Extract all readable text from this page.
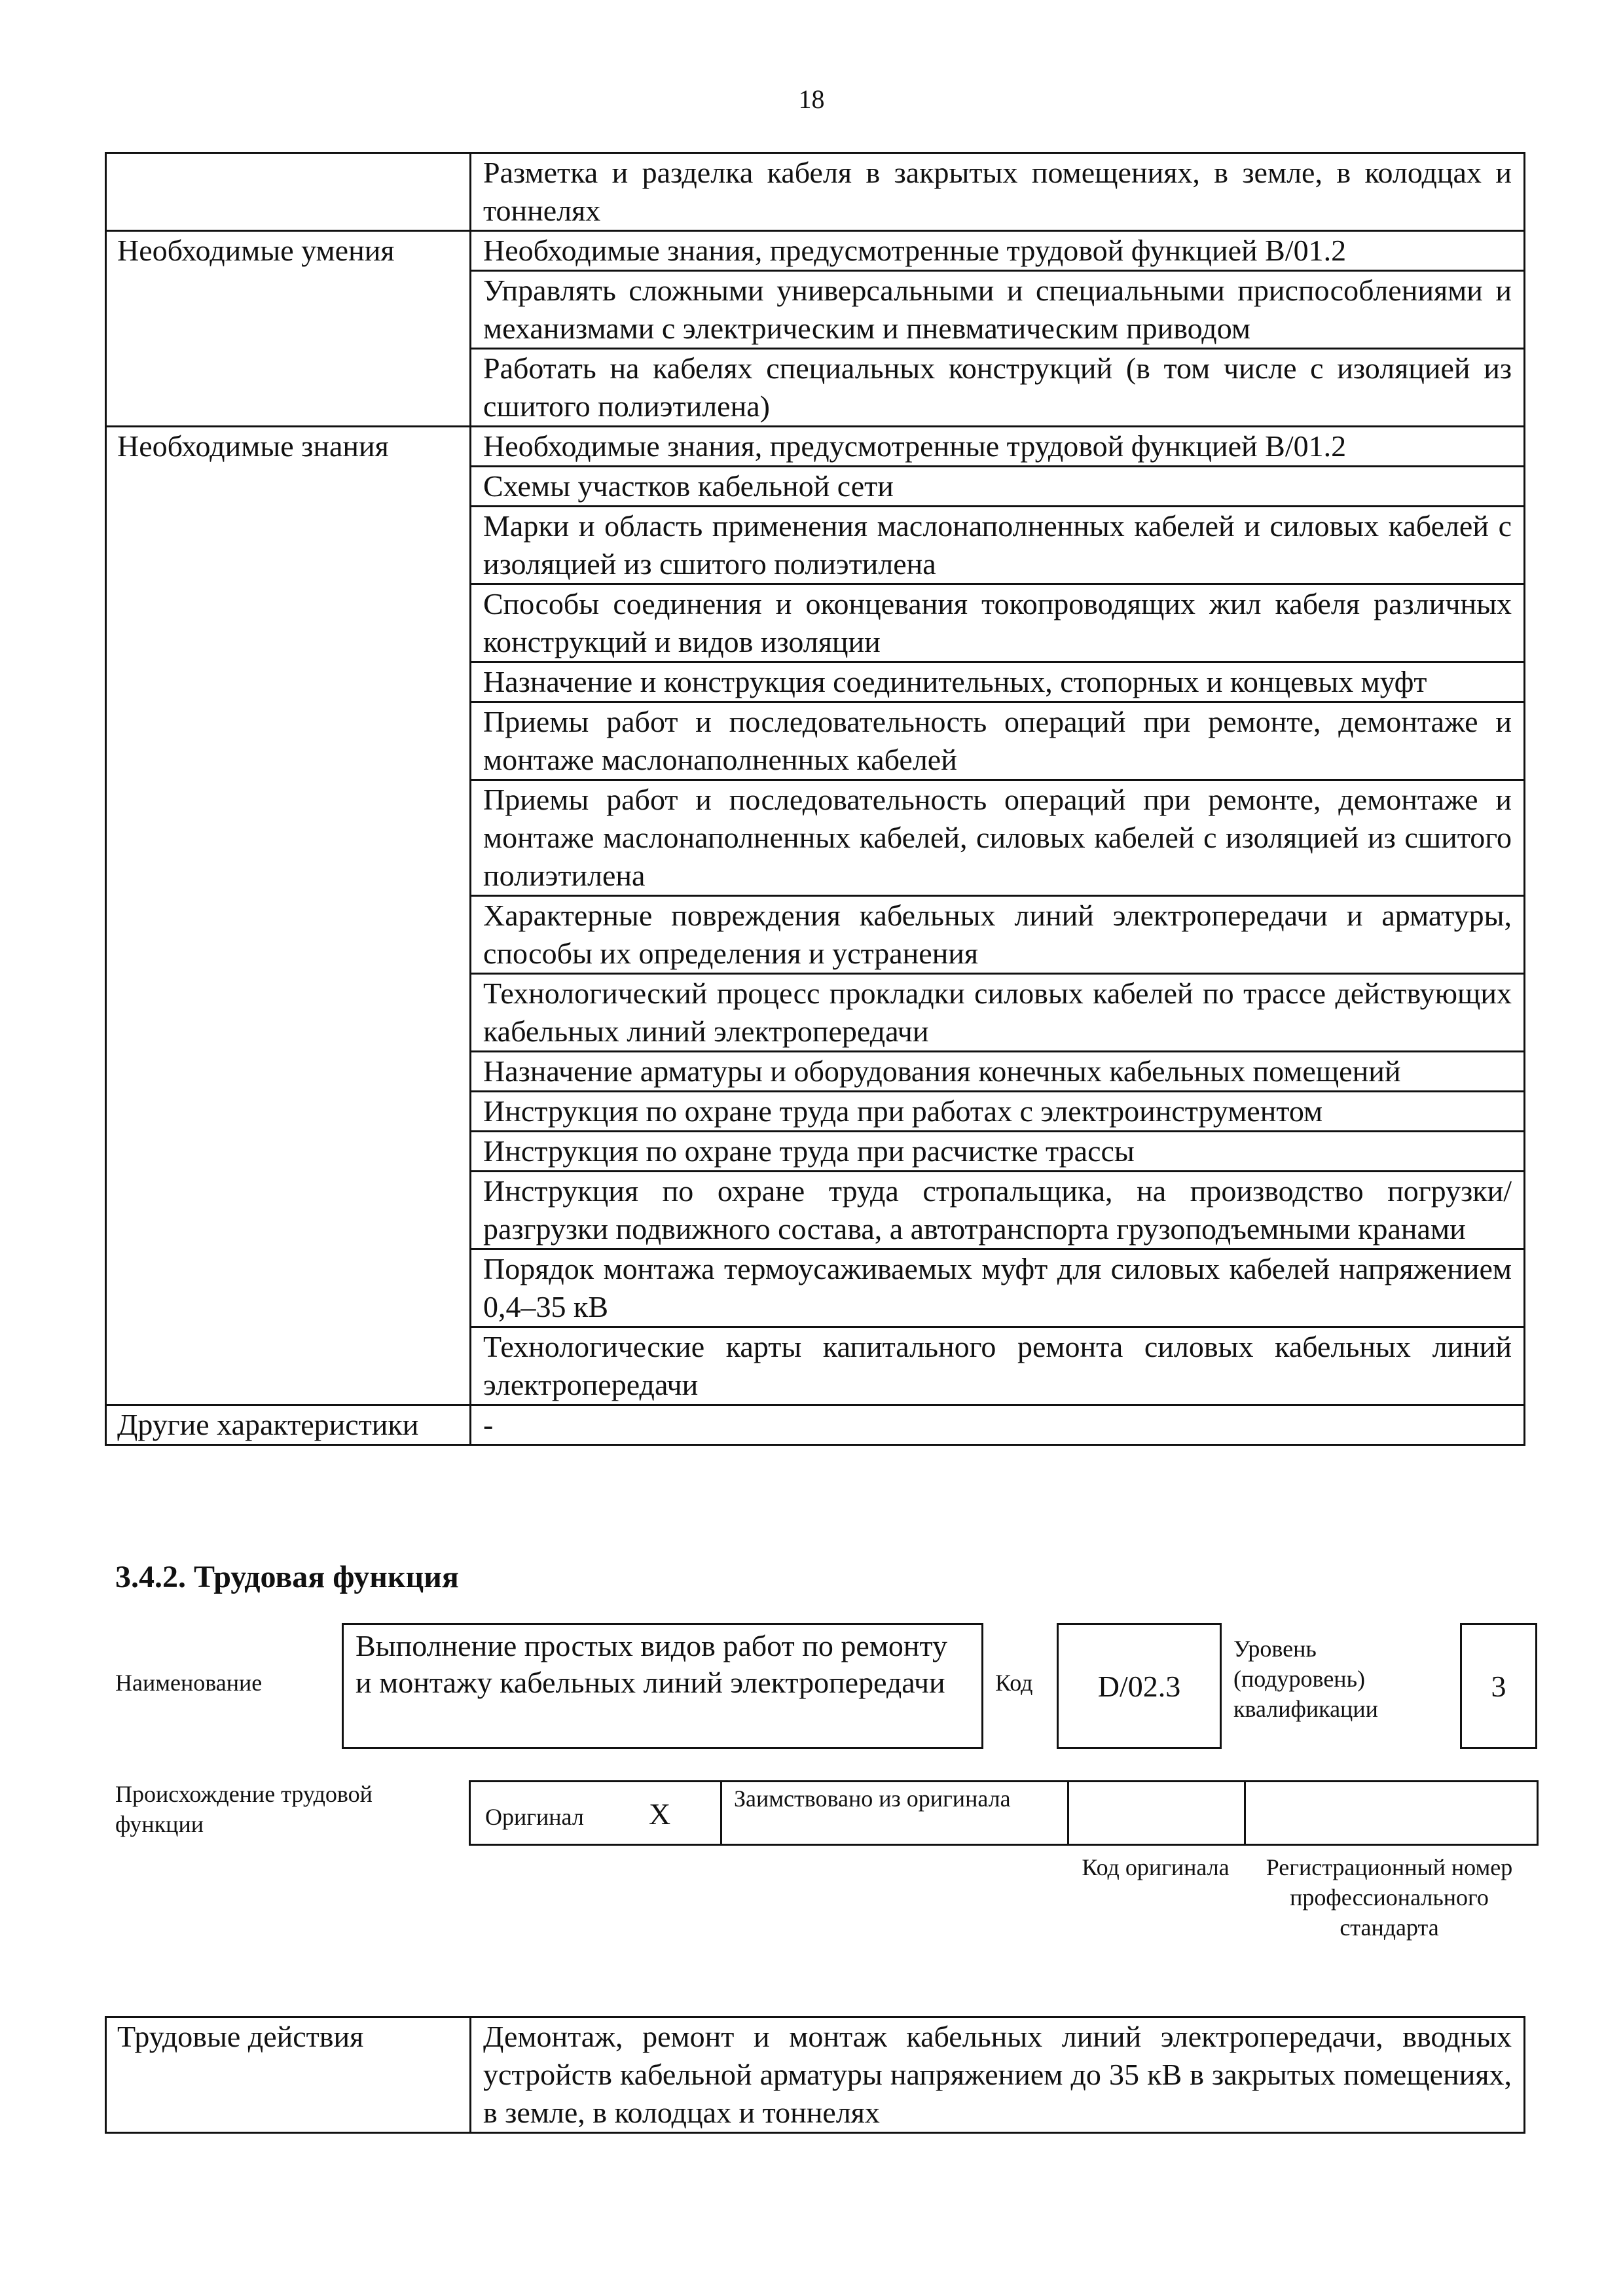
18
	Разметка и разделка кабеля в закрытых помещениях, в земле, в колодцах и тоннелях
Необходимые умения	Необходимые знания, предусмотренные трудовой функцией B/01.2
	Управлять сложными универсальными и специальными приспособлениями и механизмами с электрическим и пневматическим приводом
	Работать на кабелях специальных конструкций (в том числе с изоляцией из сшитого полиэтилена)
Необходимые знания	Необходимые знания, предусмотренные трудовой функцией B/01.2
	Схемы участков кабельной сети
	Марки и область применения маслонаполненных кабелей и силовых кабелей с изоляцией из сшитого полиэтилена
	Способы соединения и оконцевания токопроводящих жил кабеля различных конструкций и видов изоляции
	Назначение и конструкция соединительных, стопорных и концевых муфт
	Приемы работ и последовательность операций при ремонте, демонтаже и монтаже маслонаполненных кабелей
	Приемы работ и последовательность операций при ремонте, демонтаже и монтаже маслонаполненных кабелей, силовых кабелей с изоляцией из сшитого полиэтилена
	Характерные повреждения кабельных линий электропередачи и арматуры, способы их определения и устранения
	Технологический процесс прокладки силовых кабелей по трассе действующих кабельных линий электропередачи
	Назначение арматуры и оборудования конечных кабельных помещений
	Инструкция по охране труда при работах с электроинструментом
	Инструкция по охране труда при расчистке трассы
	Инструкция по охране труда стропальщика, на производство погрузки/разгрузки подвижного состава, а автотранспорта грузоподъемными кранами
	Порядок монтажа термоусаживаемых муфт для силовых кабелей напряжением 0,4–35 кВ
	Технологические карты капитального ремонта силовых кабельных линий электропередачи
Другие характеристики	-
3.4.2. Трудовая функция
Наименование
Выполнение простых видов работ по ремонту и монтажу кабельных линий электропередачи	Код D/02.3
Уровень (подуровень) квалификации
3
Происхождение трудовой функции	Оригинал X	Заимствовано из оригинала
Код оригинала	Регистрационный номер профессионального стандарта
Трудовые действия	Демонтаж, ремонт и монтаж кабельных линий электропередачи, вводных устройств кабельной арматуры напряжением до 35 кВ в закрытых помещениях, в земле, в колодцах и тоннелях
